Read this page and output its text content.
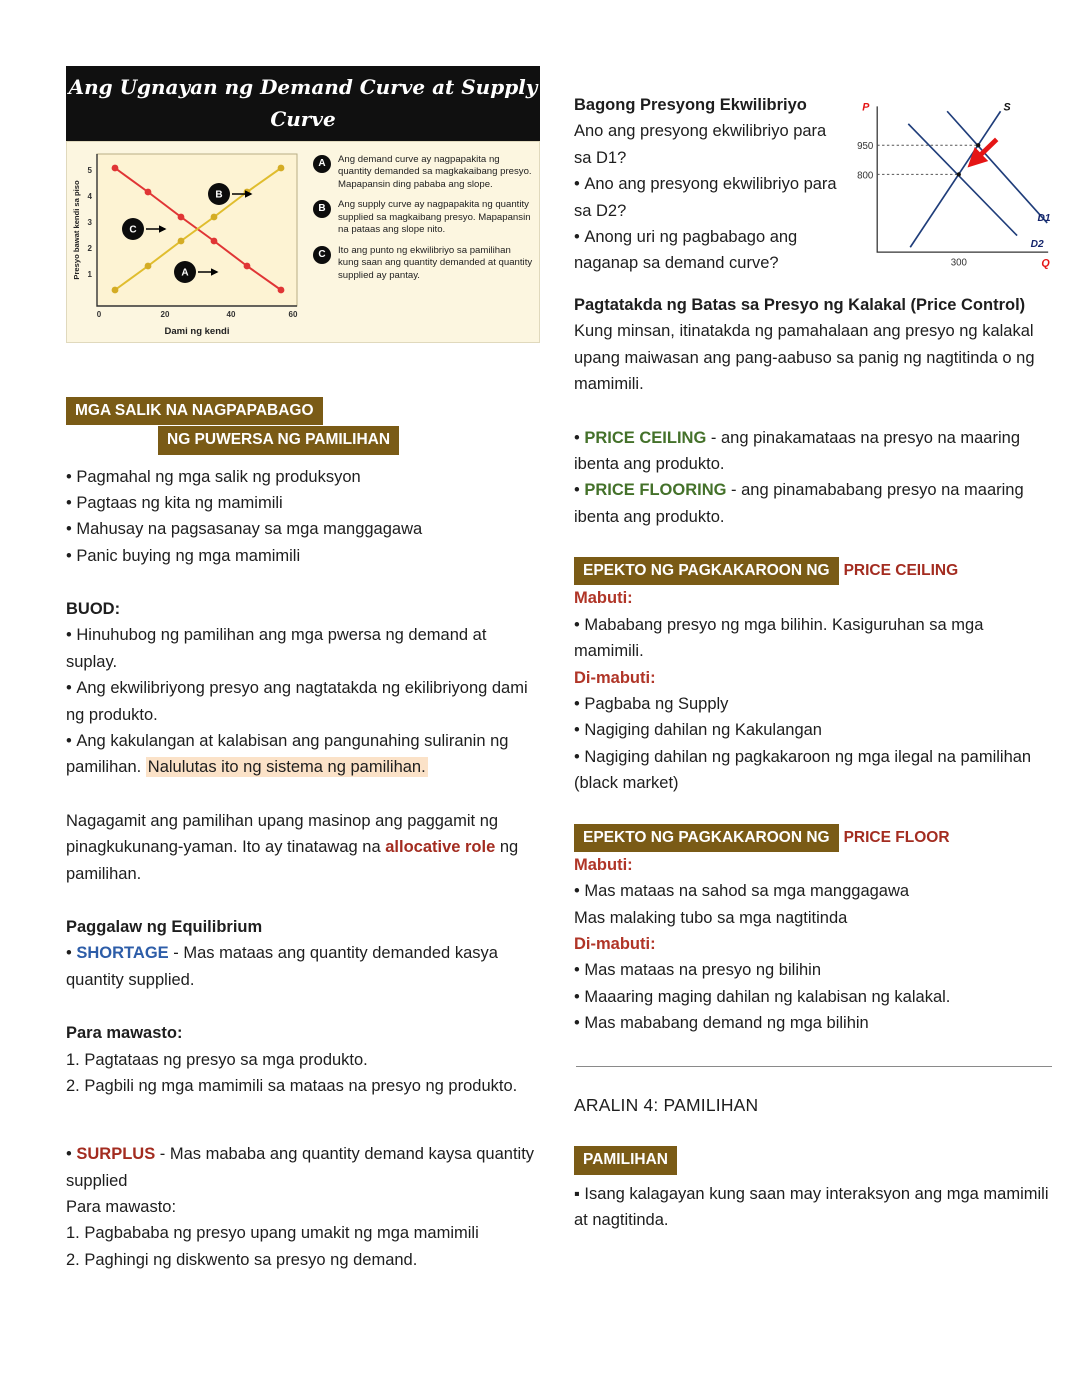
Ang Ugnayan ng Demand Curve at Supply Curve
5
4
3
2
1
0	20	40	60
C
A
B
Presyo bawat kendi sa piso
Dami ng kendi
A	Ang demand curve ay nagpapakita ng quantity demanded sa magkakaibang presyo. Mapapansin ding pababa ang slope.
B	Ang supply curve ay nagpapakita ng quantity supplied sa magkaibang presyo. Mapapansin na pataas ang slope nito.
C	Ito ang punto ng ekwilibriyo sa pamilihan kung saan ang quantity demanded at quantity supplied ay pantay.
MGA SALIK NA NAGPAPABAGO
NG PUWERSA NG PAMILIHAN
• Pagmahal ng mga salik ng produksyon
• Pagtaas ng kita ng mamimili
• Mahusay na pagsasanay sa mga manggagawa
• Panic buying ng mga mamimili
BUOD:
• Hinuhubog ng pamilihan ang mga pwersa ng demand at suplay.
• Ang ekwilibriyong presyo ang nagtatakda ng ekilibriyong dami ng produkto.
• Ang kakulangan at kalabisan ang pangunahing suliranin ng pamilihan. Nalulutas ito ng sistema ng pamilihan.

Nagagamit ang pamilihan upang masinop ang paggamit ng pinagkukunang-yaman. Ito ay tinatawag na allocative role ng pamilihan.

Paggalaw ng Equilibrium
• SHORTAGE - Mas mataas ang quantity demanded kasya quantity supplied.
Para mawasto:
1. Pagtataas ng presyo sa mga produkto.
2. Pagbili ng mga mamimili sa mataas na presyo ng produkto.
• SURPLUS - Mas mababa ang quantity demand kaysa quantity supplied
Para mawasto:
1. Pagbababa ng presyo upang umakit ng mga mamimili
2. Paghingi ng diskwento sa presyo ng demand.
Bagong Presyong Ekwilibriyo
Ano ang presyong ekwilibriyo para sa D1?
• Ano ang presyong ekwilibriyo para sa D2?
• Anong uri ng pagbabago ang naganap sa demand curve?
P
Q
950
800
S
D1
D2
300
Pagtatakda ng Batas sa Presyo ng Kalakal (Price Control)

Kung minsan, itinatakda ng pamahalaan ang presyo ng kalakal upang maiwasan ang pang-aabuso sa panig ng nagtitinda o ng mamimili.

• PRICE CEILING - ang pinakamataas na presyo na maaring ibenta ang produkto.
• PRICE FLOORING - ang pinamababang presyo na maaring ibenta ang produkto.
EPEKTO NG PAGKAKAROON NG PRICE CEILING
Mabuti:
• Mababang presyo ng mga bilihin. Kasiguruhan sa mga mamimili.
Di-mabuti:
• Pagbaba ng Supply
• Nagiging dahilan ng Kakulangan
• Nagiging dahilan ng pagkakaroon ng mga ilegal na pamilihan (black market)
EPEKTO NG PAGKAKAROON NG PRICE FLOOR
Mabuti:
• Mas mataas na sahod sa mga manggagawa
Mas malaking tubo sa mga nagtitinda
Di-mabuti:
• Mas mataas na presyo ng bilihin
• Maaaring maging dahilan ng kalabisan ng kalakal.
• Mas mababang demand ng mga bilihin
ARALIN 4: PAMILIHAN
PAMILIHAN

▪ Isang kalagayan kung saan may interaksyon ang mga mamimili at nagtitinda.
